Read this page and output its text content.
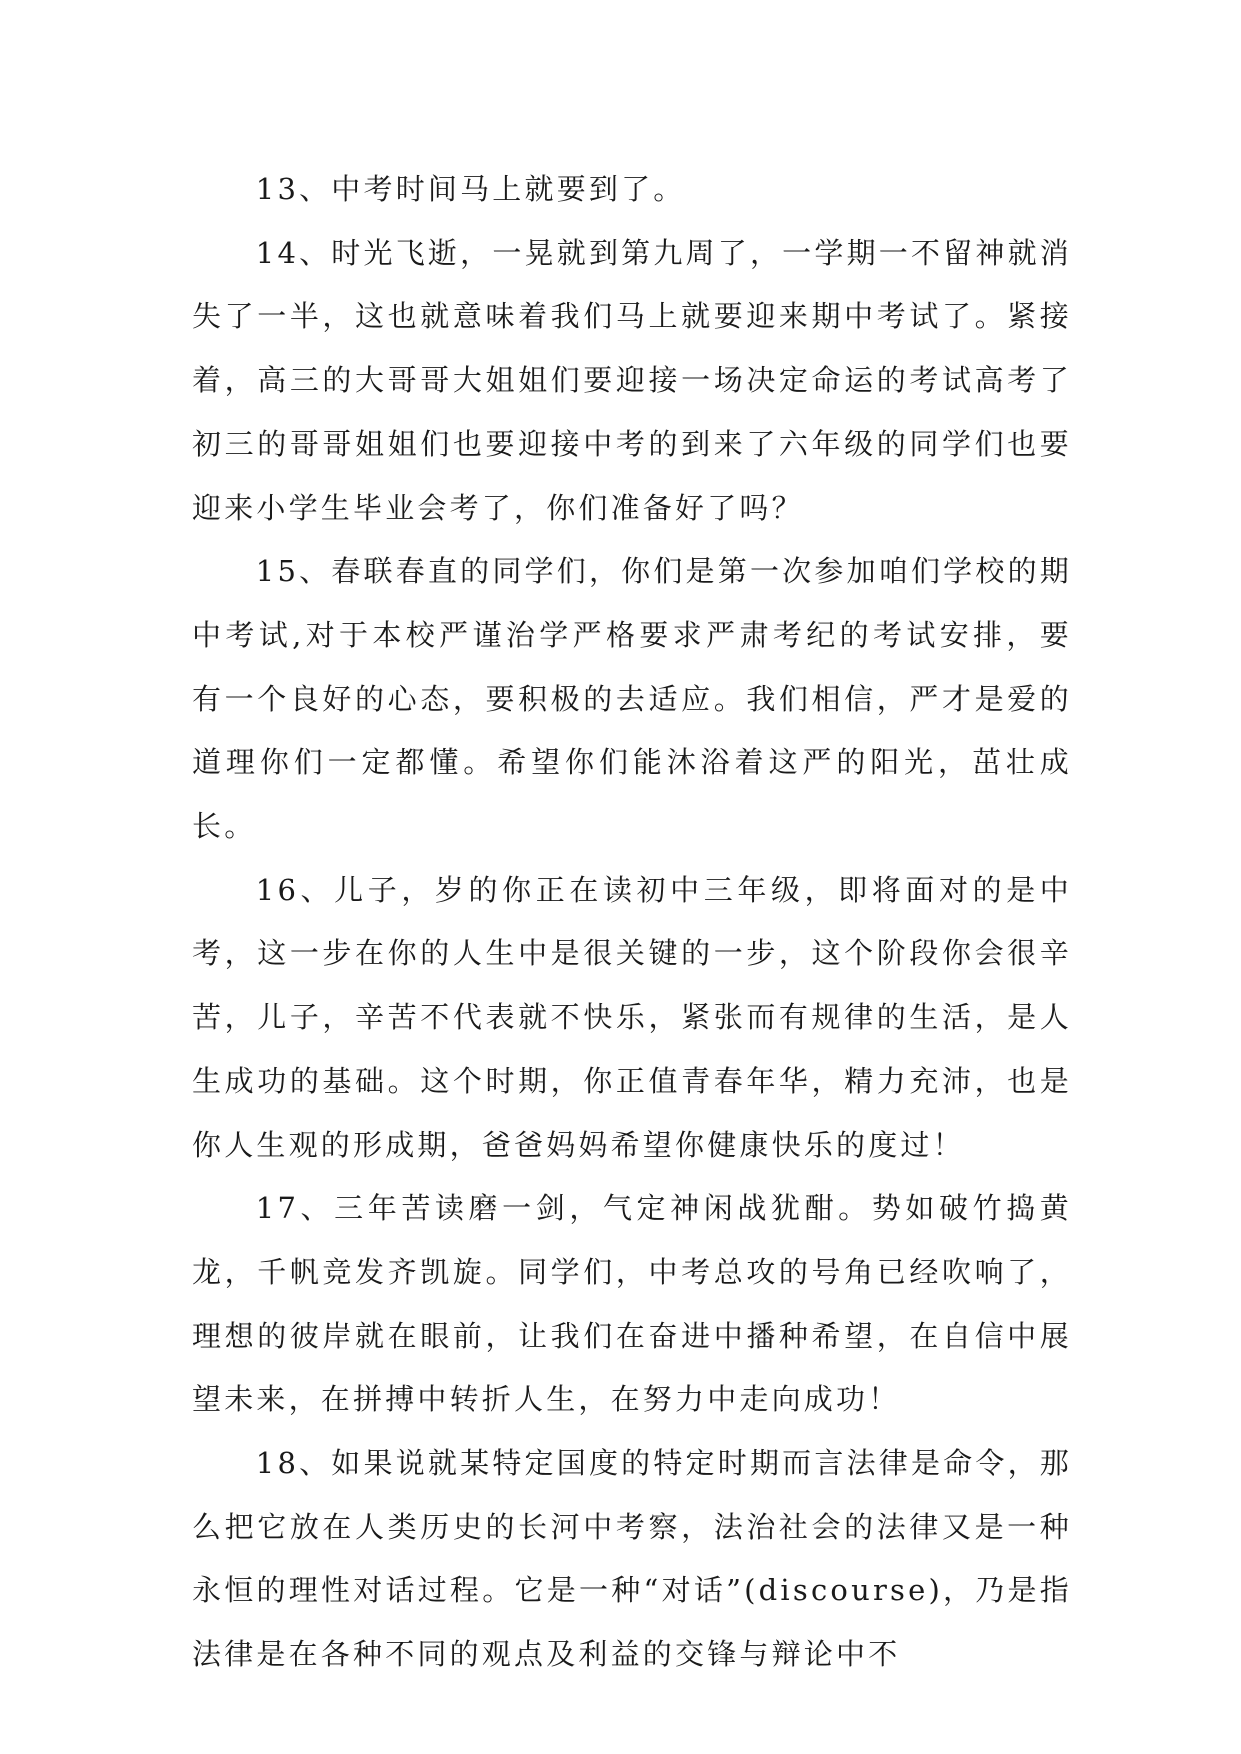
13、中考时间马上就要到了。

14、时光飞逝，一晃就到第九周了，一学期一不留神就消失了一半，这也就意味着我们马上就要迎来期中考试了。紧接着，高三的大哥哥大姐姐们要迎接一场决定命运的考试高考了初三的哥哥姐姐们也要迎接中考的到来了六年级的同学们也要迎来小学生毕业会考了，你们准备好了吗？

15、春联春直的同学们，你们是第一次参加咱们学校的期中考试,对于本校严谨治学严格要求严肃考纪的考试安排，要有一个良好的心态，要积极的去适应。我们相信，严才是爱的道理你们一定都懂。希望你们能沐浴着这严的阳光，茁壮成长。

16、儿子，岁的你正在读初中三年级，即将面对的是中考，这一步在你的人生中是很关键的一步，这个阶段你会很辛苦，儿子，辛苦不代表就不快乐，紧张而有规律的生活，是人生成功的基础。这个时期，你正值青春年华，精力充沛，也是你人生观的形成期，爸爸妈妈希望你健康快乐的度过！

17、三年苦读磨一剑，气定神闲战犹酣。势如破竹捣黄龙，千帆竞发齐凯旋。同学们，中考总攻的号角已经吹响了，理想的彼岸就在眼前，让我们在奋进中播种希望，在自信中展望未来，在拼搏中转折人生，在努力中走向成功！

18、如果说就某特定国度的特定时期而言法律是命令，那么把它放在人类历史的长河中考察，法治社会的法律又是一种永恒的理性对话过程。它是一种“对话”(discourse)，乃是指法律是在各种不同的观点及利益的交锋与辩论中不
